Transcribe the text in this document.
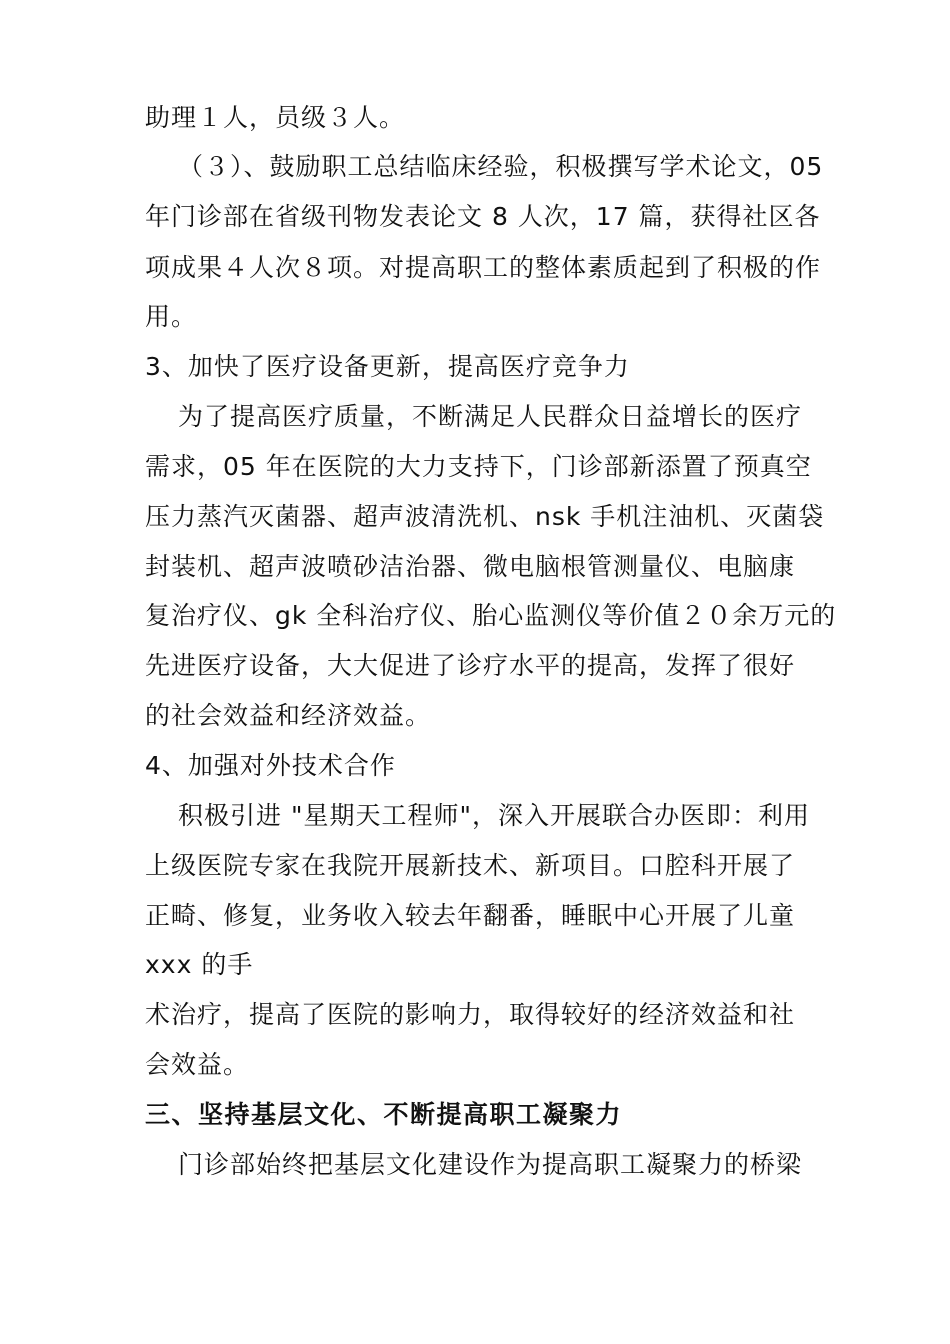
助理１人，员级３人。
（３）、鼓励职工总结临床经验，积极撰写学术论文，05
年门诊部在省级刊物发表论文 8 人次，17 篇，获得社区各
项成果４人次８项。对提高职工的整体素质起到了积极的作
用。
3、加快了医疗设备更新，提高医疗竞争力
为了提高医疗质量，不断满足人民群众日益增长的医疗
需求，05 年在医院的大力支持下，门诊部新添置了预真空
压力蒸汽灭菌器、超声波清洗机、nsk 手机注油机、灭菌袋
封装机、超声波喷砂洁治器、微电脑根管测量仪、电脑康
复治疗仪、gk 全科治疗仪、胎心监测仪等价值２０余万元的
先进医疗设备，大大促进了诊疗水平的提高，发挥了很好
的社会效益和经济效益。
4、加强对外技术合作
积极引进 "星期天工程师"，深入开展联合办医即：利用
上级医院专家在我院开展新技术、新项目。口腔科开展了
正畸、修复，业务收入较去年翻番，睡眠中心开展了儿童
xxx 的手
术治疗，提高了医院的影响力，取得较好的经济效益和社
会效益。
三、坚持基层文化、不断提高职工凝聚力
门诊部始终把基层文化建设作为提高职工凝聚力的桥梁
